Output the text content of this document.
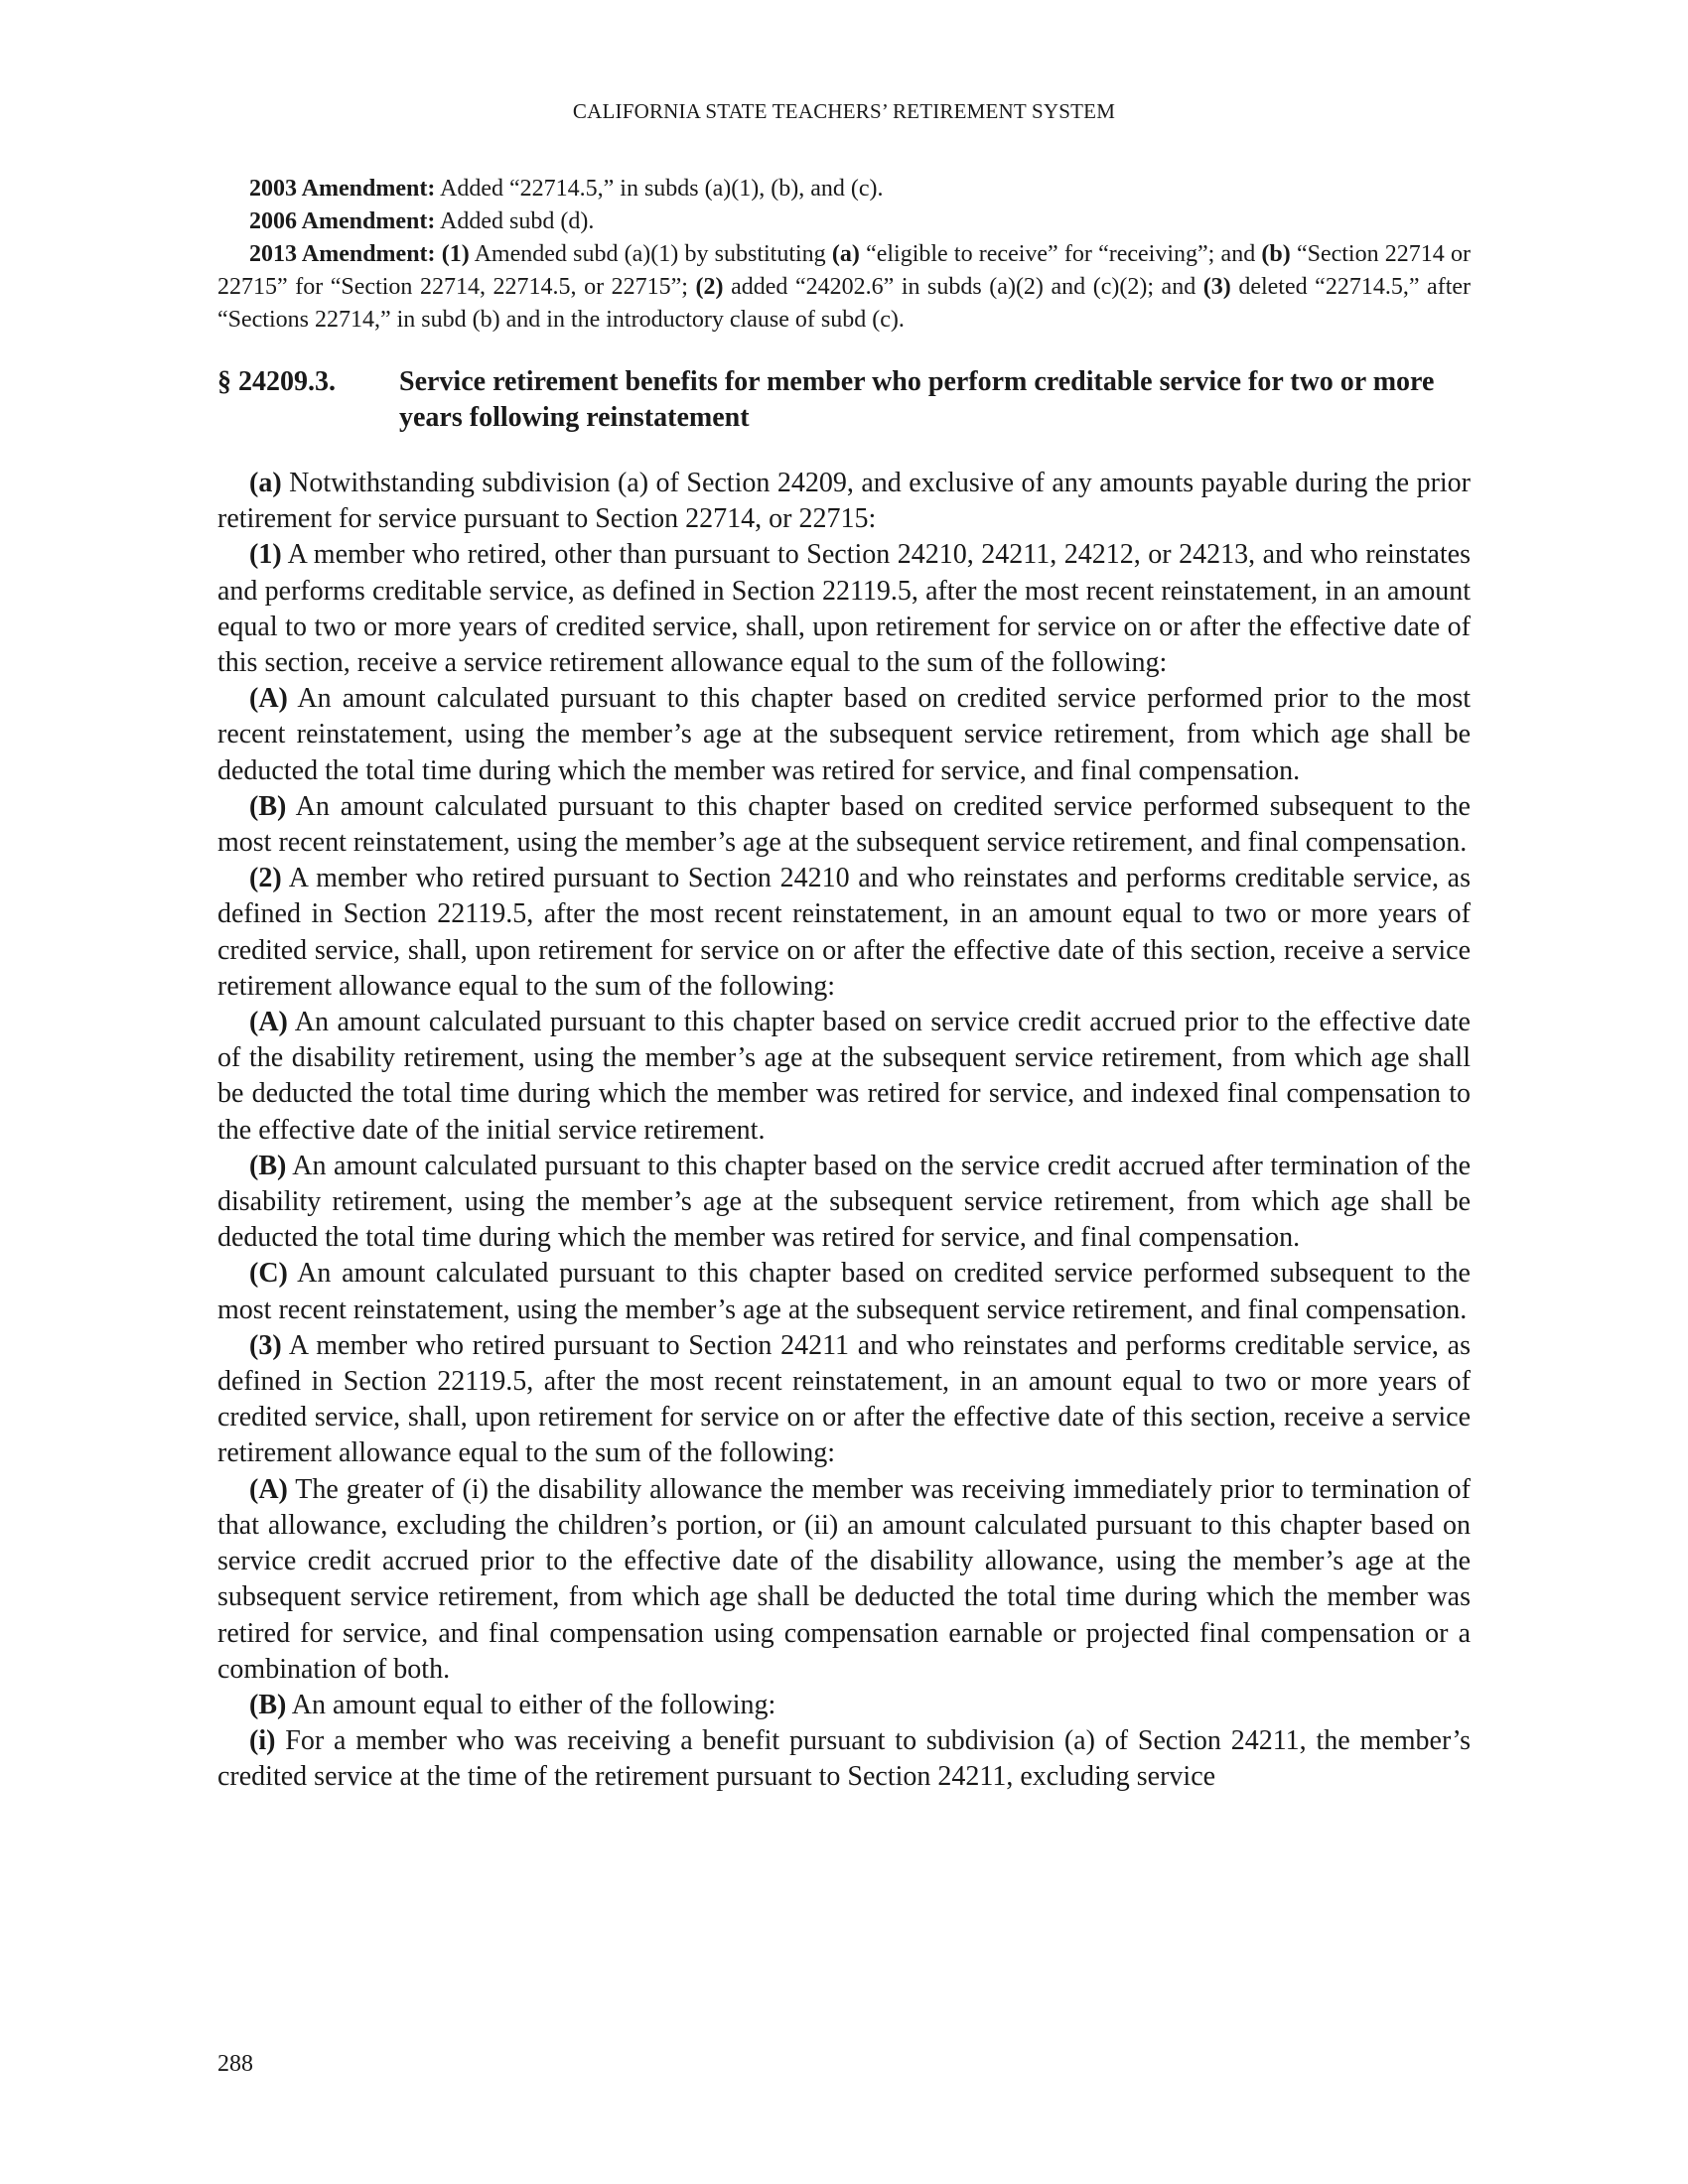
CALIFORNIA STATE TEACHERS’ RETIREMENT SYSTEM

2003 Amendment: Added “22714.5,” in subds (a)(1), (b), and (c).

2006 Amendment: Added subd (d).

2013 Amendment: (1) Amended subd (a)(1) by substituting (a) “eligible to receive” for “receiving”; and (b) “Section 22714 or 22715” for “Section 22714, 22714.5, or 22715”; (2) added “24202.6” in subds (a)(2) and (c)(2); and (3) deleted “22714.5,” after “Sections 22714,” in subd (b) and in the introductory clause of subd (c).

§ 24209.3.	Service retirement benefits for member who perform creditable service for two or more years following reinstatement

(a) Notwithstanding subdivision (a) of Section 24209, and exclusive of any amounts payable during the prior retirement for service pursuant to Section 22714, or 22715:

(1) A member who retired, other than pursuant to Section 24210, 24211, 24212, or 24213, and who reinstates and performs creditable service, as defined in Section 22119.5, after the most recent reinstatement, in an amount equal to two or more years of credited service, shall, upon retirement for service on or after the effective date of this section, receive a service retirement allowance equal to the sum of the following:

(A) An amount calculated pursuant to this chapter based on credited service performed prior to the most recent reinstatement, using the member’s age at the subsequent service retirement, from which age shall be deducted the total time during which the member was retired for service, and final compensation.

(B) An amount calculated pursuant to this chapter based on credited service performed subsequent to the most recent reinstatement, using the member’s age at the subsequent service retirement, and final compensation.

(2) A member who retired pursuant to Section 24210 and who reinstates and performs creditable service, as defined in Section 22119.5, after the most recent reinstatement, in an amount equal to two or more years of credited service, shall, upon retirement for service on or after the effective date of this section, receive a service retirement allowance equal to the sum of the following:

(A) An amount calculated pursuant to this chapter based on service credit accrued prior to the effective date of the disability retirement, using the member’s age at the subsequent service retirement, from which age shall be deducted the total time during which the member was retired for service, and indexed final compensation to the effective date of the initial service retirement.

(B) An amount calculated pursuant to this chapter based on the service credit accrued after termination of the disability retirement, using the member’s age at the subsequent service retirement, from which age shall be deducted the total time during which the member was retired for service, and final compensation.

(C) An amount calculated pursuant to this chapter based on credited service performed subsequent to the most recent reinstatement, using the member’s age at the subsequent service retirement, and final compensation.

(3) A member who retired pursuant to Section 24211 and who reinstates and performs creditable service, as defined in Section 22119.5, after the most recent reinstatement, in an amount equal to two or more years of credited service, shall, upon retirement for service on or after the effective date of this section, receive a service retirement allowance equal to the sum of the following:

(A) The greater of (i) the disability allowance the member was receiving immediately prior to termination of that allowance, excluding the children’s portion, or (ii) an amount calculated pursuant to this chapter based on service credit accrued prior to the effective date of the disability allowance, using the member’s age at the subsequent service retirement, from which age shall be deducted the total time during which the member was retired for service, and final compensation using compensation earnable or projected final compensation or a combination of both.

(B) An amount equal to either of the following:

(i) For a member who was receiving a benefit pursuant to subdivision (a) of Section 24211, the member’s credited service at the time of the retirement pursuant to Section 24211, excluding service

288
